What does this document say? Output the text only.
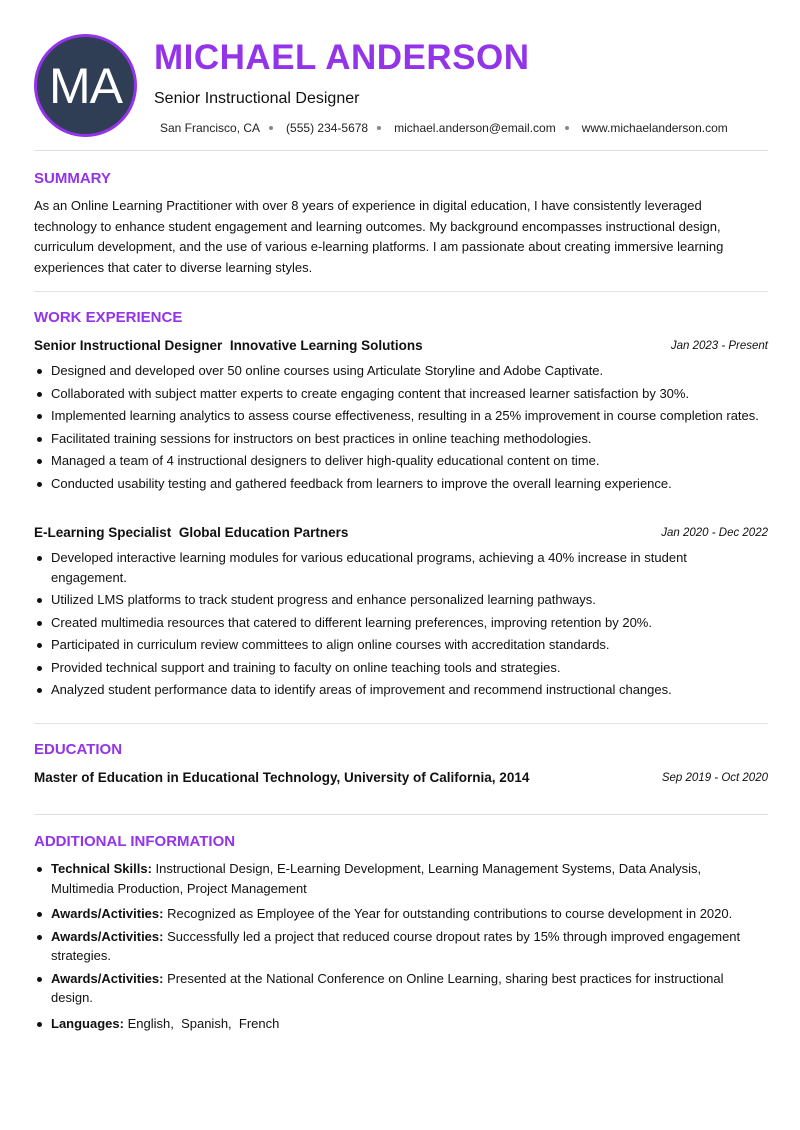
MA MICHAEL ANDERSON
Senior Instructional Designer
San Francisco, CA (555) 234-5678 michael.anderson@email.com www.michaelanderson.com
SUMMARY

As an Online Learning Practitioner with over 8 years of experience in digital education, I have consistently leveraged technology to enhance student engagement and learning outcomes. My background encompasses instructional design, curriculum development, and the use of various e-learning platforms. I am passionate about creating immersive learning experiences that cater to diverse learning styles.

WORK EXPERIENCE
Senior Instructional Designer Innovative Learning Solutions	Jan 2023 - Present
Designed and developed over 50 online courses using Articulate Storyline and Adobe Captivate.
Collaborated with subject matter experts to create engaging content that increased learner satisfaction by 30%.
Implemented learning analytics to assess course effectiveness, resulting in a 25% improvement in course completion rates.
Facilitated training sessions for instructors on best practices in online teaching methodologies.
Managed a team of 4 instructional designers to deliver high-quality educational content on time.
Conducted usability testing and gathered feedback from learners to improve the overall learning experience.
E-Learning Specialist Global Education Partners	Jan 2020 - Dec 2022
Developed interactive learning modules for various educational programs, achieving a 40% increase in student engagement.
Utilized LMS platforms to track student progress and enhance personalized learning pathways.
Created multimedia resources that catered to different learning preferences, improving retention by 20%.
Participated in curriculum review committees to align online courses with accreditation standards.
Provided technical support and training to faculty on online teaching tools and strategies.
Analyzed student performance data to identify areas of improvement and recommend instructional changes.
EDUCATION
Master of Education in Educational Technology, University of California, 2014	Sep 2019 - Oct 2020
ADDITIONAL INFORMATION
Technical Skills: Instructional Design, E-Learning Development, Learning Management Systems, Data Analysis, Multimedia Production, Project Management
Awards/Activities: Recognized as Employee of the Year for outstanding contributions to course development in 2020.
Awards/Activities: Successfully led a project that reduced course dropout rates by 15% through improved engagement strategies.
Awards/Activities: Presented at the National Conference on Online Learning, sharing best practices for instructional design.
Languages: English,  Spanish,  French
